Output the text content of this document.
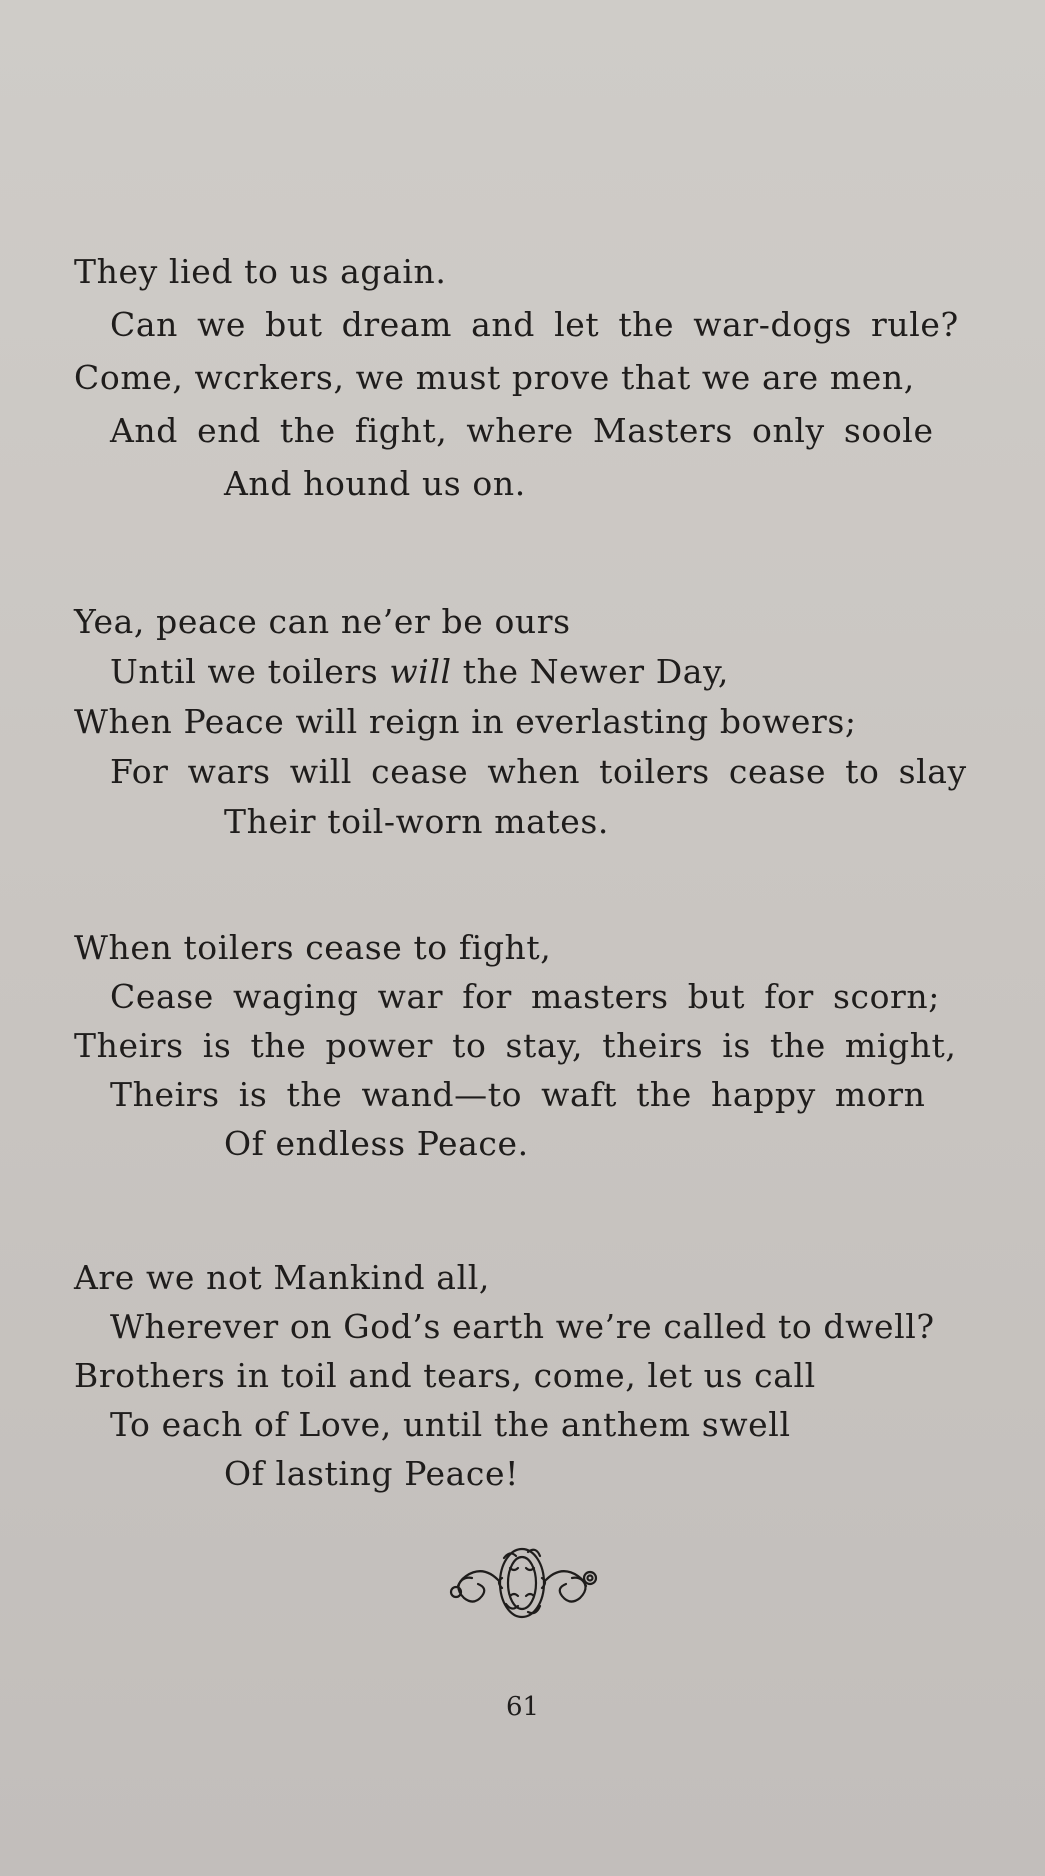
They lied to us again.
Can we but dream and let the war-dogs rule?
Come, wcrkers, we must prove that we are men,
And end the fight, where Masters only soole
And hound us on.
Yea, peace can ne’er be ours
Until we toilers will the Newer Day,
When Peace will reign in everlasting bowers;
For wars will cease when toilers cease to slay
Their toil-worn mates.
When toilers cease to fight,
Cease waging war for masters but for scorn;
Theirs is the power to stay, theirs is the might,
Theirs is the wand—to waft the happy morn
Of endless Peace.
Are we not Mankind all,
Wherever on God’s earth we’re called to dwell?
Brothers in toil and tears, come, let us call
To each of Love, until the anthem swell
Of lasting Peace!
61
